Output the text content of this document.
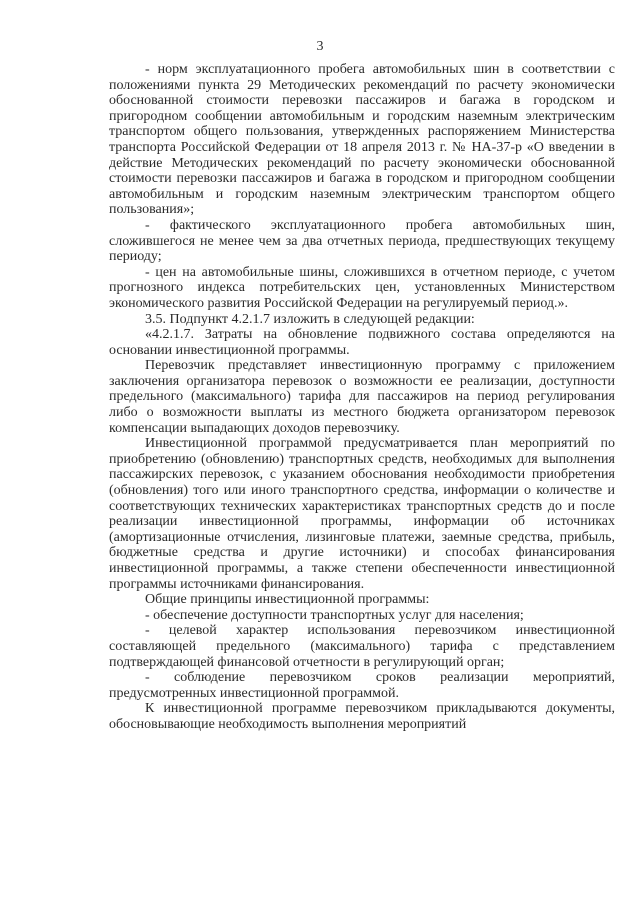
3

- норм эксплуатационного пробега автомобильных шин в соответствии с положениями пункта 29 Методических рекомендаций по расчету экономически обоснованной стоимости перевозки пассажиров и багажа в городском и пригородном сообщении автомобильным и городским наземным электрическим транспортом общего пользования, утвержденных распоряжением Министерства транспорта Российской Федерации от 18 апреля 2013 г. № НА-37-р «О введении в действие Методических рекомендаций по расчету экономически обоснованной стоимости перевозки пассажиров и багажа в городском и пригородном сообщении автомобильным и городским наземным электрическим транспортом общего пользования»;

- фактического эксплуатационного пробега автомобильных шин, сложившегося не менее чем за два отчетных периода, предшествующих текущему периоду;

- цен на автомобильные шины, сложившихся в отчетном периоде, с учетом прогнозного индекса потребительских цен, установленных Министерством экономического развития Российской Федерации на регулируемый период.».

3.5. Подпункт 4.2.1.7 изложить в следующей редакции:

«4.2.1.7. Затраты на обновление подвижного состава определяются на основании инвестиционной программы.

Перевозчик представляет инвестиционную программу с приложением заключения организатора перевозок о возможности ее реализации, доступности предельного (максимального) тарифа для пассажиров на период регулирования либо о возможности выплаты из местного бюджета организатором перевозок компенсации выпадающих доходов перевозчику.

Инвестиционной программой предусматривается план мероприятий по приобретению (обновлению) транспортных средств, необходимых для выполнения пассажирских перевозок, с указанием обоснования необходимости приобретения (обновления) того или иного транспортного средства, информации о количестве и соответствующих технических характеристиках транспортных средств до и после реализации инвестиционной программы, информации об источниках (амортизационные отчисления, лизинговые платежи, заемные средства, прибыль, бюджетные средства и другие источники) и способах финансирования инвестиционной программы, а также степени обеспеченности инвестиционной программы источниками финансирования.

Общие принципы инвестиционной программы:

- обеспечение доступности транспортных услуг для населения;

- целевой характер использования перевозчиком инвестиционной составляющей предельного (максимального) тарифа с представлением подтверждающей финансовой отчетности в регулирующий орган;

- соблюдение перевозчиком сроков реализации мероприятий, предусмотренных инвестиционной программой.

К инвестиционной программе перевозчиком прикладываются документы, обосновывающие необходимость выполнения мероприятий
